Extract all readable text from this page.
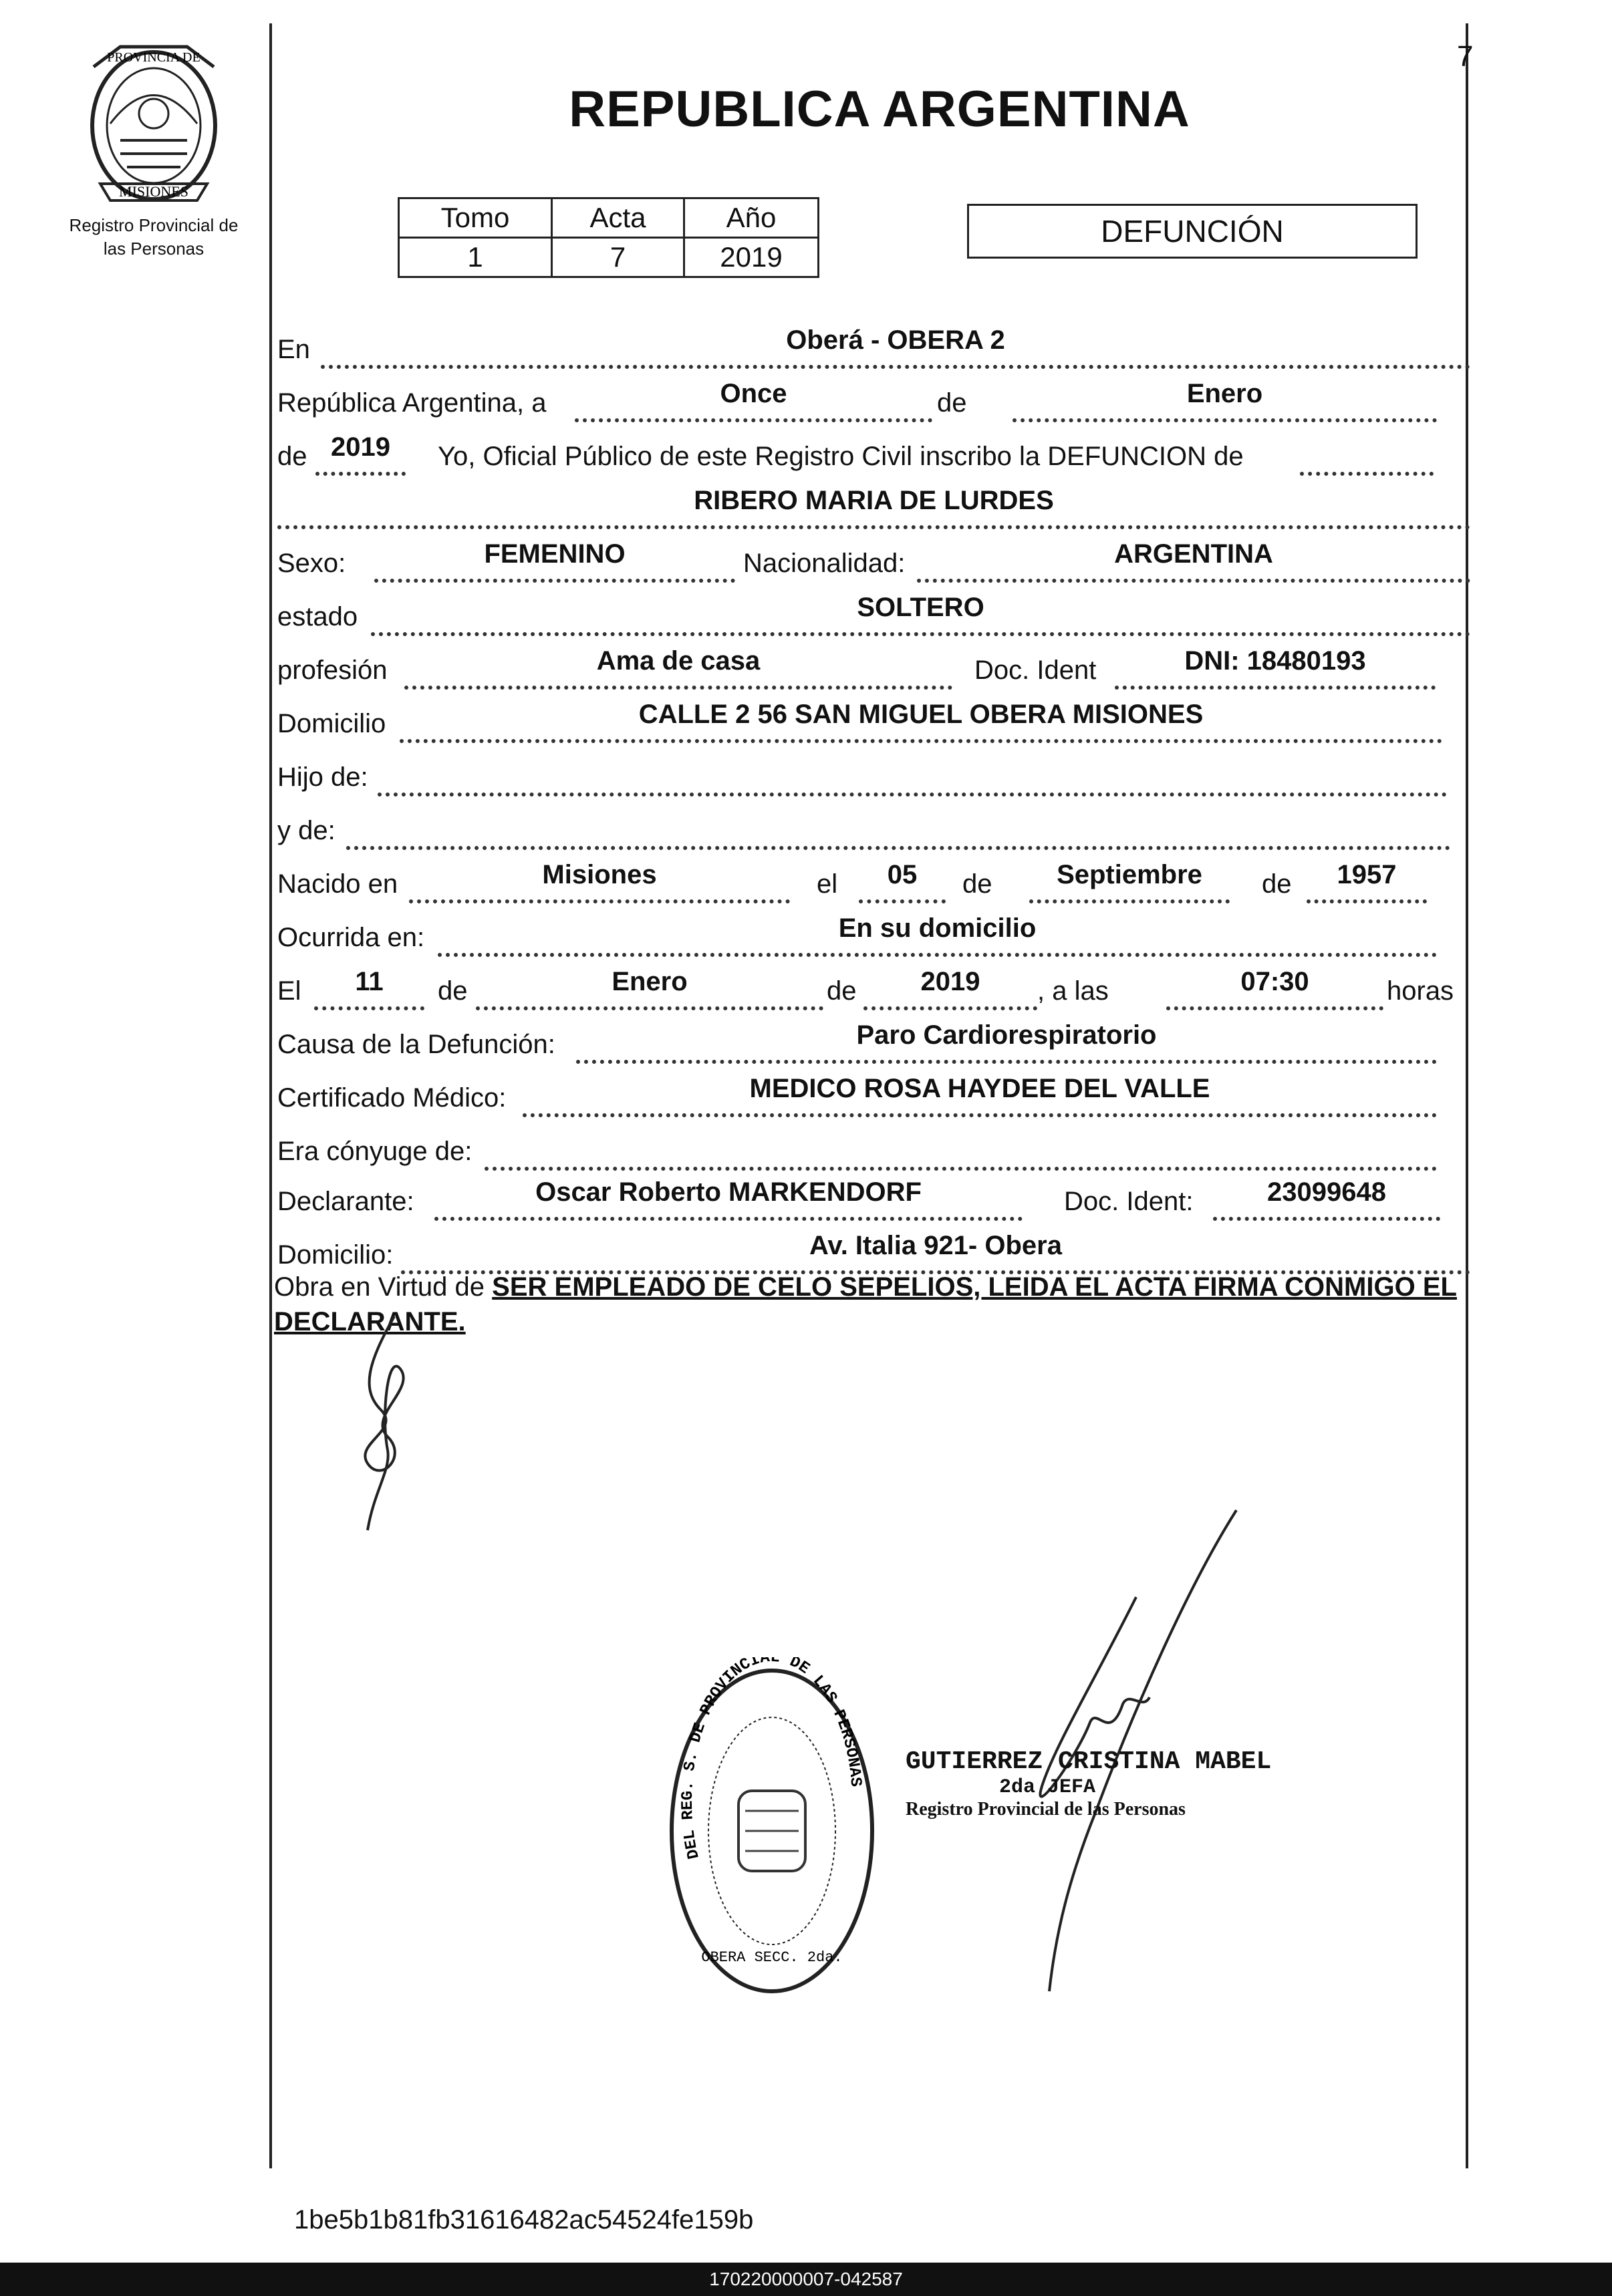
PROVINCIA DE
MISIONES
Registro Provincial de
las Personas
REPUBLICA ARGENTINA
7
Tomo	Acta	Año
1	7	2019
DEFUNCIÓN
En	Oberá - OBERA 2
República Argentina, a	Once	de	Enero
de 2019	Yo, Oficial Público de este Registro Civil inscribo la DEFUNCION de
RIBERO MARIA DE LURDES
Sexo:	FEMENINO	Nacionalidad:	ARGENTINA
estado	SOLTERO
profesión	Ama de casa	Doc. Ident	DNI: 18480193
Domicilio	CALLE 2 56 SAN MIGUEL OBERA MISIONES
Hijo de:
y de:
Nacido en	Misiones	el	05	de	Septiembre	de	1957
Ocurrida en:	En su domicilio
El	11	de	Enero	de	2019	, a las	07:30	horas
Causa de la Defunción:	Paro Cardiorespiratorio
Certificado Médico:	MEDICO ROSA HAYDEE DEL VALLE
Era cónyuge de:
Declarante:	Oscar Roberto MARKENDORF	Doc. Ident:	23099648
Domicilio:	Av. Italia 921- Obera
Obra en Virtud de SER EMPLEADO DE CELO SEPELIOS, LEIDA EL ACTA FIRMA CONMIGO EL DECLARANTE.
DEL REG. S. DE PROVINCIAL DE LAS PERSONAS
OBERA SECC. 2da.
GUTIERREZ CRISTINA MABEL
2da JEFA
Registro Provincial de las Personas
1be5b1b81fb31616482ac54524fe159b
170220000007-042587
